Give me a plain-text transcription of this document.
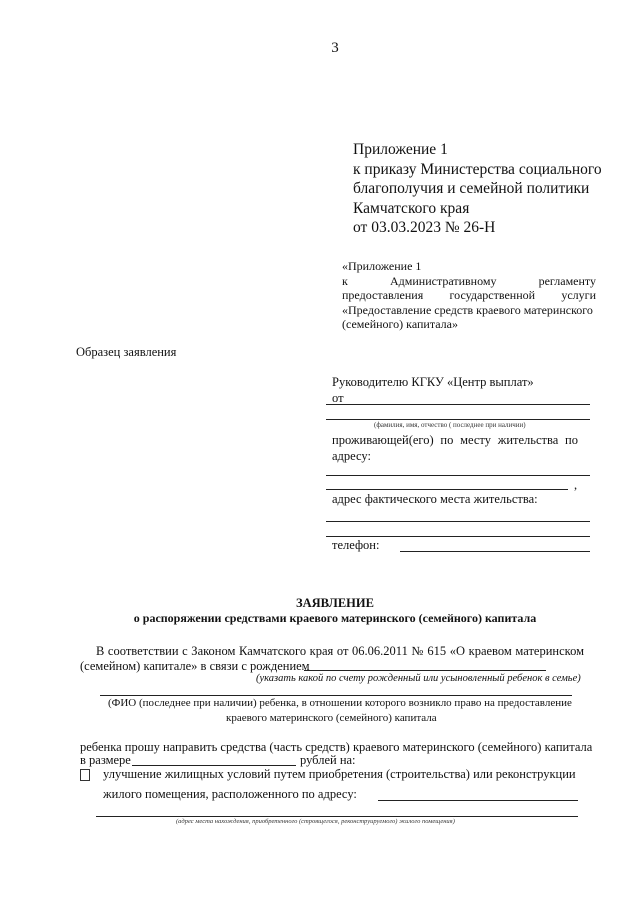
3
Приложение 1
к приказу Министерства социального
благополучия и семейной политики
Камчатского края
от 03.03.2023 № 26-Н
«Приложение 1
к	Административному	регламенту
предоставления государственной услуги
«Предоставление средств краевого материнского
(семейного) капитала»
Образец заявления
Руководителю КГКУ «Центр выплат»
от
(фамилия, имя, отчество ( последнее при наличии)
проживающей(его) по месту жительства по
адресу:
,
адрес фактического места жительства:
телефон:
ЗАЯВЛЕНИЕ
о распоряжении средствами краевого материнского (семейного) капитала
В соответствии с Законом Камчатского края от 06.06.2011 № 615 «О краевом материнском
(семейном) капитале» в связи с рождением
(указать какой по счету рожденный или усыновленный ребенок в семье)
(ФИО (последнее при наличии) ребенка, в отношении которого возникло право на предоставление
краевого материнского (семейного) капитала
ребенка прошу направить средства (часть средств) краевого материнского (семейного) капитала
в размере	рублей на:
улучшение жилищных условий путем приобретения (строительства) или реконструкции
жилого помещения, расположенного по адресу:
(адрес места нахождения, приобретенного (строящегося, реконструируемого) жилого помещения)
